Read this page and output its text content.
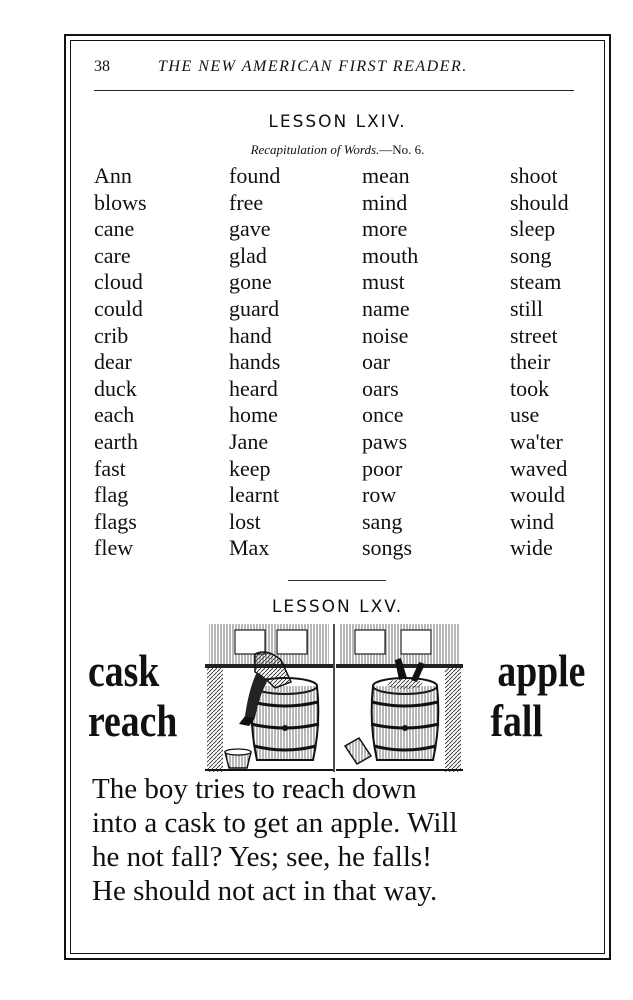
38	THE NEW AMERICAN FIRST READER.
LESSON LXIV.
Recapitulation of Words.—No. 6.
Ann
blows
cane
care
cloud
could
crib
dear
duck
each
earth
fast
flag
flags
flew
found
free
gave
glad
gone
guard
hand
hands
heard
home
Jane
keep
learnt
lost
Max
mean
mind
more
mouth
must
name
noise
oar
oars
once
paws
poor
row
sang
songs
shoot
should
sleep
song
steam
still
street
their
took
use
wa'ter
waved
would
wind
wide
LESSON LXV.
cask
reach
apple
fall
The boy tries to reach down
into a cask to get an apple. Will
he not fall? Yes; see, he falls!
He should not act in that way.
